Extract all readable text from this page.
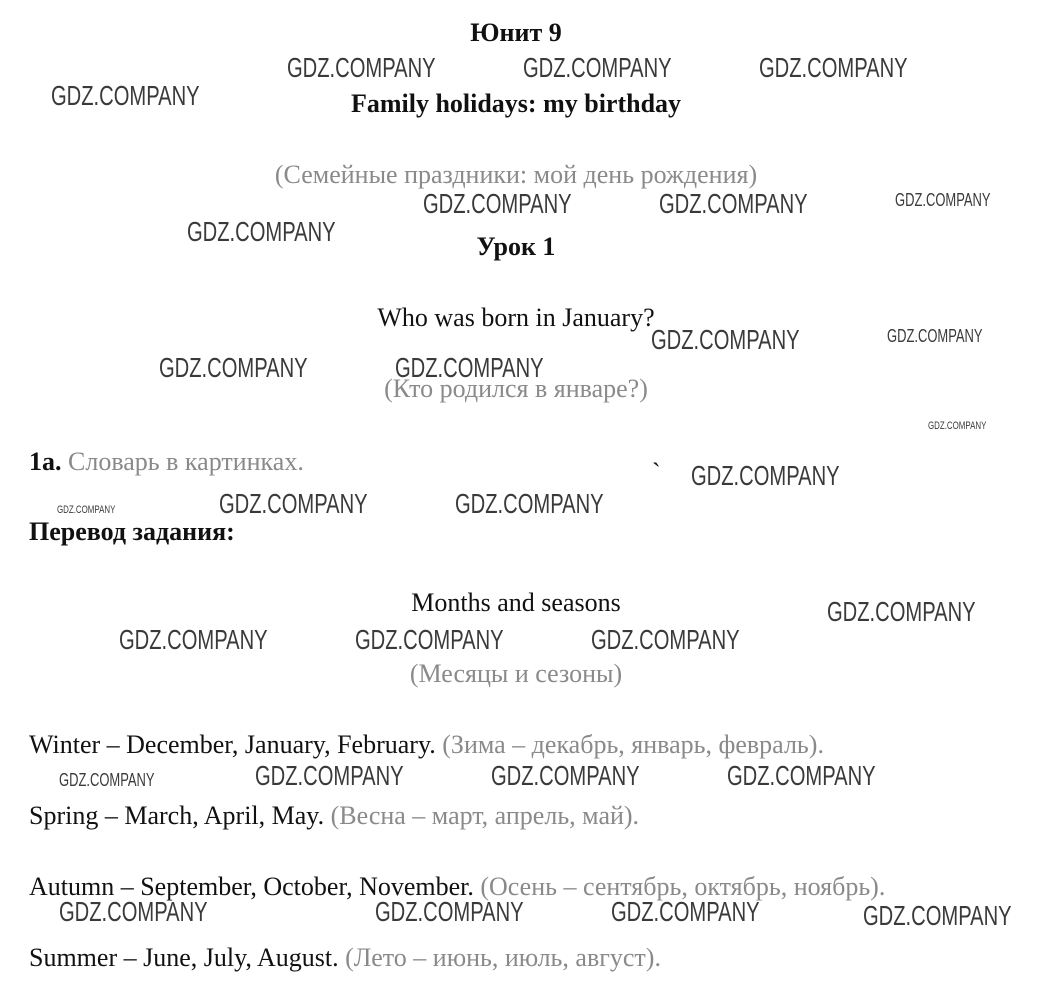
Юнит 9
Family holidays: my birthday
(Семейные праздники: мой день рождения)
Урок 1
Who was born in January?
(Кто родился в январе?)
1a. Словарь в картинках.
Перевод задания:
Months and seasons
(Месяцы и сезоны)
Winter – December, January, February. (Зима – декабрь, январь, февраль).
Spring – March, April, May. (Весна – март, апрель, май).
Autumn – September, October, November. (Осень – сентябрь, октябрь, ноябрь).
Summer – June, July, August. (Лето – июнь, июль, август).
`
GDZ.COMPANY
GDZ.COMPANY	GDZ.COMPANY	GDZ.COMPANY
GDZ.COMPANY
GDZ.COMPANY	GDZ.COMPANY	GDZ.COMPANY
GDZ.COMPANY	GDZ.COMPANY
GDZ.COMPANY	GDZ.COMPANY
GDZ.COMPANY
GDZ.COMPANY
GDZ.COMPANY	GDZ.COMPANY	GDZ.COMPANY
GDZ.COMPANY
GDZ.COMPANY	GDZ.COMPANY	GDZ.COMPANY
GDZ.COMPANY	GDZ.COMPANY	GDZ.COMPANY	GDZ.COMPANY
GDZ.COMPANY	GDZ.COMPANY	GDZ.COMPANY	GDZ.COMPANY
